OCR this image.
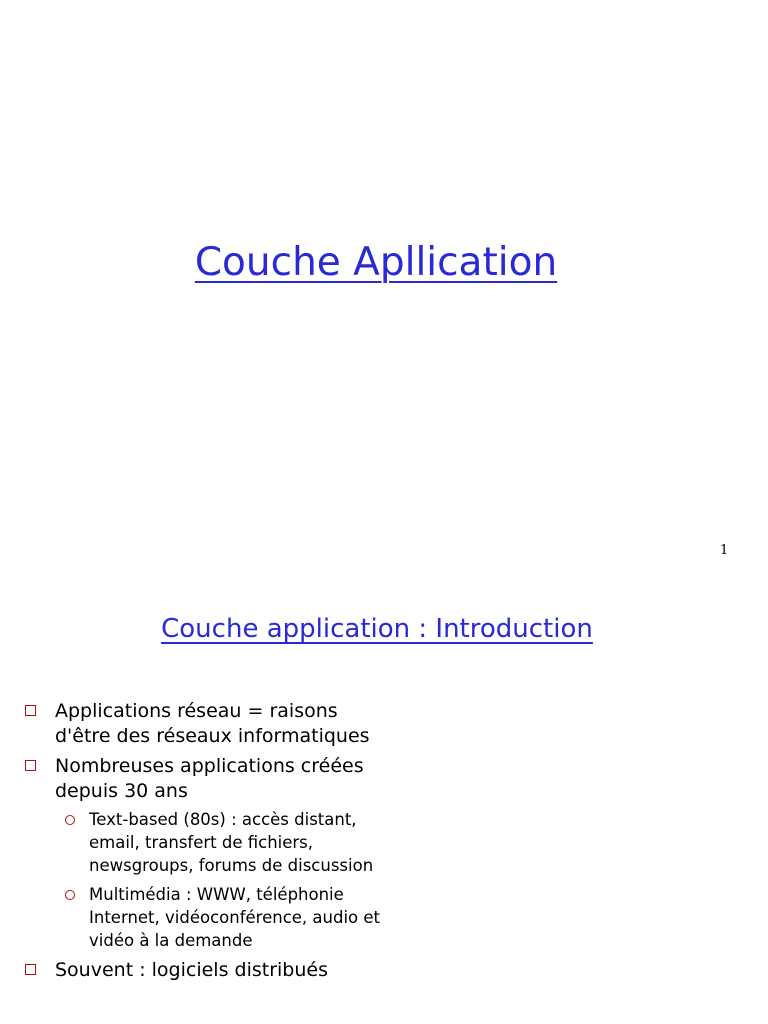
Couche Apllication
1
Couche application : Introduction
Applications réseau = raisons d'être des réseaux informatiques
Nombreuses applications créées depuis 30 ans
Text-based (80s) : accès distant, email, transfert de fichiers, newsgroups, forums de discussion
Multimédia : WWW, téléphonie Internet, vidéoconférence, audio et vidéo à la demande
Souvent : logiciels distribués
